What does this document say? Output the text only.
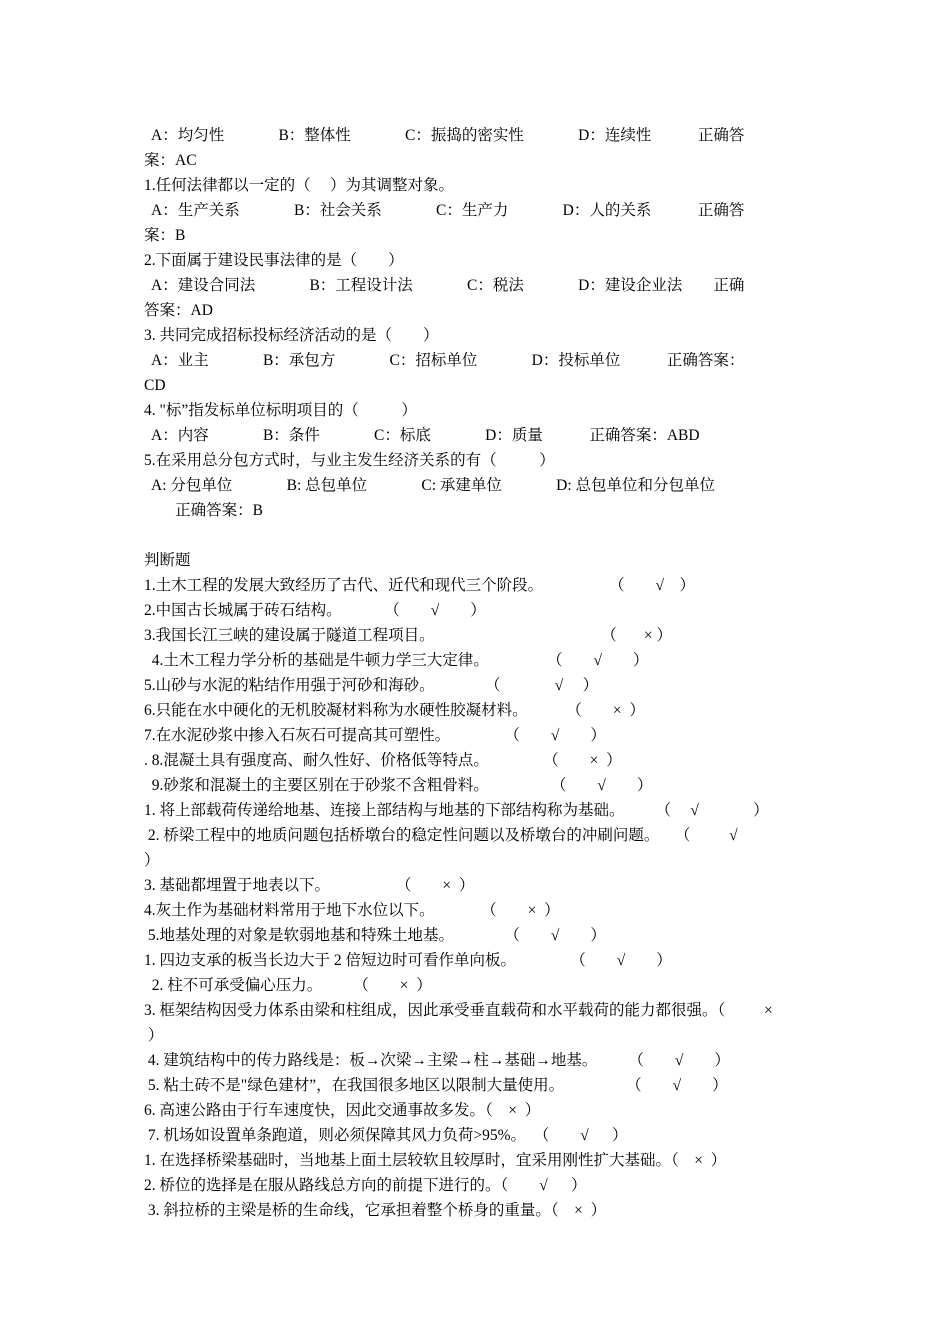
A：均匀性              B：整体性              C：振捣的密实性              D：连续性            正确答
案：AC
1.任何法律都以一定的（     ）为其调整对象。
A：生产关系              B：社会关系              C：生产力              D：人的关系            正确答
案：B
2.下面属于建设民事法律的是（        ）
A：建设合同法              B：工程设计法              C：税法              D：建设企业法        正确
答案：AD
3. 共同完成招标投标经济活动的是（        ）
A：业主              B：承包方              C：招标单位              D：投标单位            正确答案：
CD
4. "标”指发标单位标明项目的（           ）
A：内容              B：条件              C：标底              D：质量            正确答案：ABD
5.在采用总分包方式时，与业主发生经济关系的有（           ）
A: 分包单位              B: 总包单位              C: 承建单位              D: 总包单位和分包单位
正确答案：B
判断题
1.土木工程的发展大致经历了古代、近代和现代三个阶段。                 （        √    ）
2.中国古长城属于砖石结构。           （        √        ）
3.我国长江三峡的建设属于隧道工程项目。                                           （       × ）
4.土木工程力学分析的基础是牛顿力学三大定律。               （        √        ）
5.山砂与水泥的粘结作用强于河砂和海砂。             （              √     ）
6.只能在水中硬化的无机胶凝材料称为水硬性胶凝材料。          （        ×  ）
7.在水泥砂浆中掺入石灰石可提高其可塑性。              （        √        ）
. 8.混凝土具有强度高、耐久性好、价格低等特点。              （        ×  ）
9.砂浆和混凝土的主要区别在于砂浆不含粗骨料。                （        √        ）
1. 将上部载荷传递给地基、连接上部结构与地基的下部结构称为基础。        （     √              ）
2. 桥梁工程中的地质问题包括桥墩台的稳定性问题以及桥墩台的冲刷问题。    （          √
）
3. 基础都埋置于地表以下。                 （        ×  ）
4.灰土作为基础材料常用于地下水位以下。            （        ×  ）
5.地基处理的对象是软弱地基和特殊土地基。             （        √        ）
1. 四边支承的板当长边大于 2 倍短边时可看作单向板。              （        √        ）
2. 柱不可承受偏心压力。        （        ×  ）
3. 框架结构因受力体系由梁和柱组成，因此承受垂直载荷和水平载荷的能力都很强。（          ×
）
4. 建筑结构中的传力路线是：板→次梁→主梁→柱→基础→地基。        （        √        ）
5. 粘土砖不是"绿色建材”，在我国很多地区以限制大量使用。                （        √        ）
6. 高速公路由于行车速度快，因此交通事故多发。（    ×  ）
7. 机场如设置单条跑道，则必须保障其风力负荷>95%。  （        √      ）
1. 在选择桥梁基础时，当地基上面土层较软且较厚时，宜采用刚性扩大基础。（    ×  ）
2. 桥位的选择是在服从路线总方向的前提下进行的。（        √      ）
3. 斜拉桥的主梁是桥的生命线，它承担着整个桥身的重量。（    ×  ）
